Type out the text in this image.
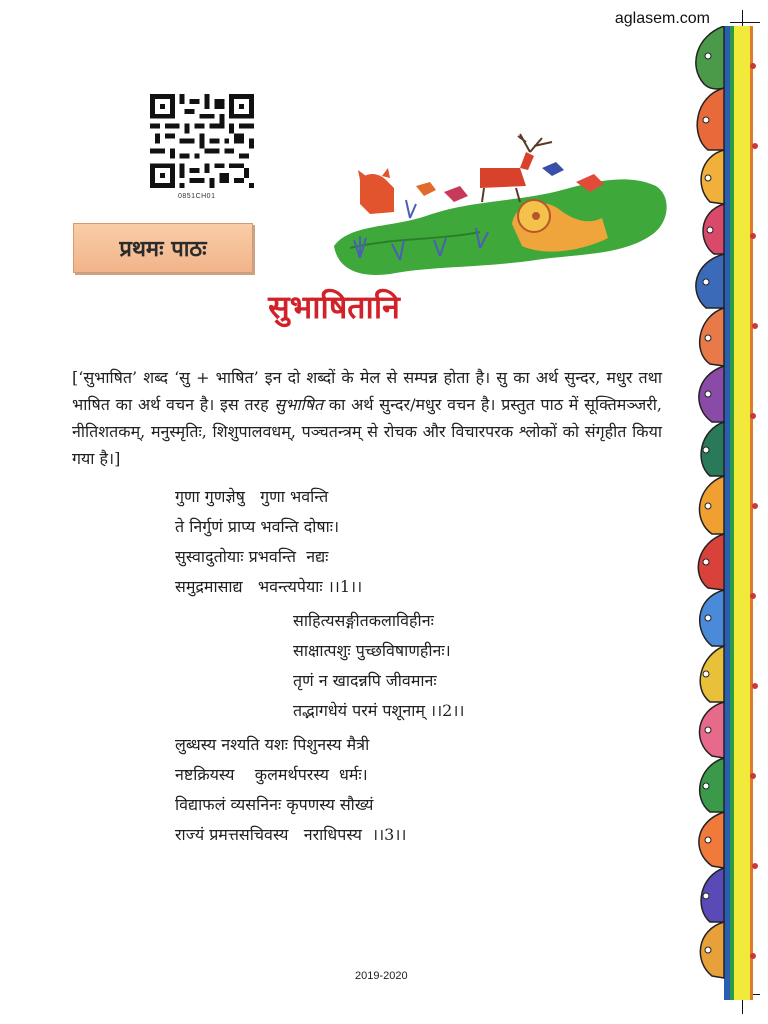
aglasem.com
0851CH01
प्रथमः पाठः
सुभाषितानि
[‘सुभाषित’ शब्द ‘सु + भाषित’ इन दो शब्दों के मेल से सम्पन्न होता है। सु का अर्थ सुन्दर, मधुर तथा भाषित का अर्थ वचन है। इस तरह सुभाषित का अर्थ सुन्दर/मधुर वचन है। प्रस्तुत पाठ में सूक्तिमञ्जरी, नीतिशतकम्, मनुस्मृतिः, शिशुपालवधम्, पञ्चतन्त्रम् से रोचक और विचारपरक श्लोकों को संगृहीत किया गया है।]
गुणा गुणज्ञेषु   गुणा भवन्ति
ते निर्गुणं प्राप्य भवन्ति दोषाः।
सुस्वादुतोयाः प्रभवन्ति  नद्यः
समुद्रमासाद्य   भवन्त्यपेयाः ।।1।।
साहित्यसङ्गीतकलाविहीनः
साक्षात्पशुः पुच्छविषाणहीनः।
तृणं न खादन्नपि जीवमानः
तद्भागधेयं परमं पशूनाम् ।।2।।
लुब्धस्य नश्यति यशः पिशुनस्य मैत्री
नष्टक्रियस्य    कुलमर्थपरस्य  धर्मः।
विद्याफलं व्यसनिनः कृपणस्य सौख्यं
राज्यं प्रमत्तसचिवस्य   नराधिपस्य  ।।3।।
2019-2020
